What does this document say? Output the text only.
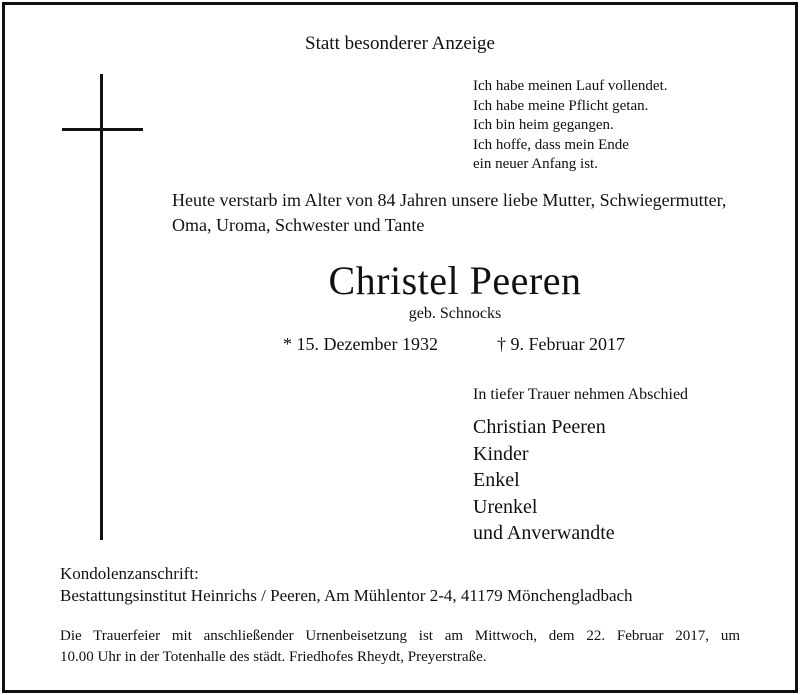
Statt besonderer Anzeige
Ich habe meinen Lauf vollendet.
Ich habe meine Pflicht getan.
Ich bin heim gegangen.
Ich hoffe, dass mein Ende
ein neuer Anfang ist.
Heute verstarb im Alter von 84 Jahren unsere liebe Mutter, Schwiegermutter,
Oma, Uroma, Schwester und Tante
Christel Peeren
geb. Schnocks
* 15. Dezember 1932	† 9. Februar 2017
In tiefer Trauer nehmen Abschied
Christian Peeren
Kinder
Enkel
Urenkel
und Anverwandte
Kondolenzanschrift:
Bestattungsinstitut Heinrichs / Peeren, Am Mühlentor 2-4, 41179 Mönchengladbach
Die Trauerfeier mit anschließender Urnenbeisetzung ist am Mittwoch, dem 22. Februar 2017, um
10.00 Uhr in der Totenhalle des städt. Friedhofes Rheydt, Preyerstraße.
